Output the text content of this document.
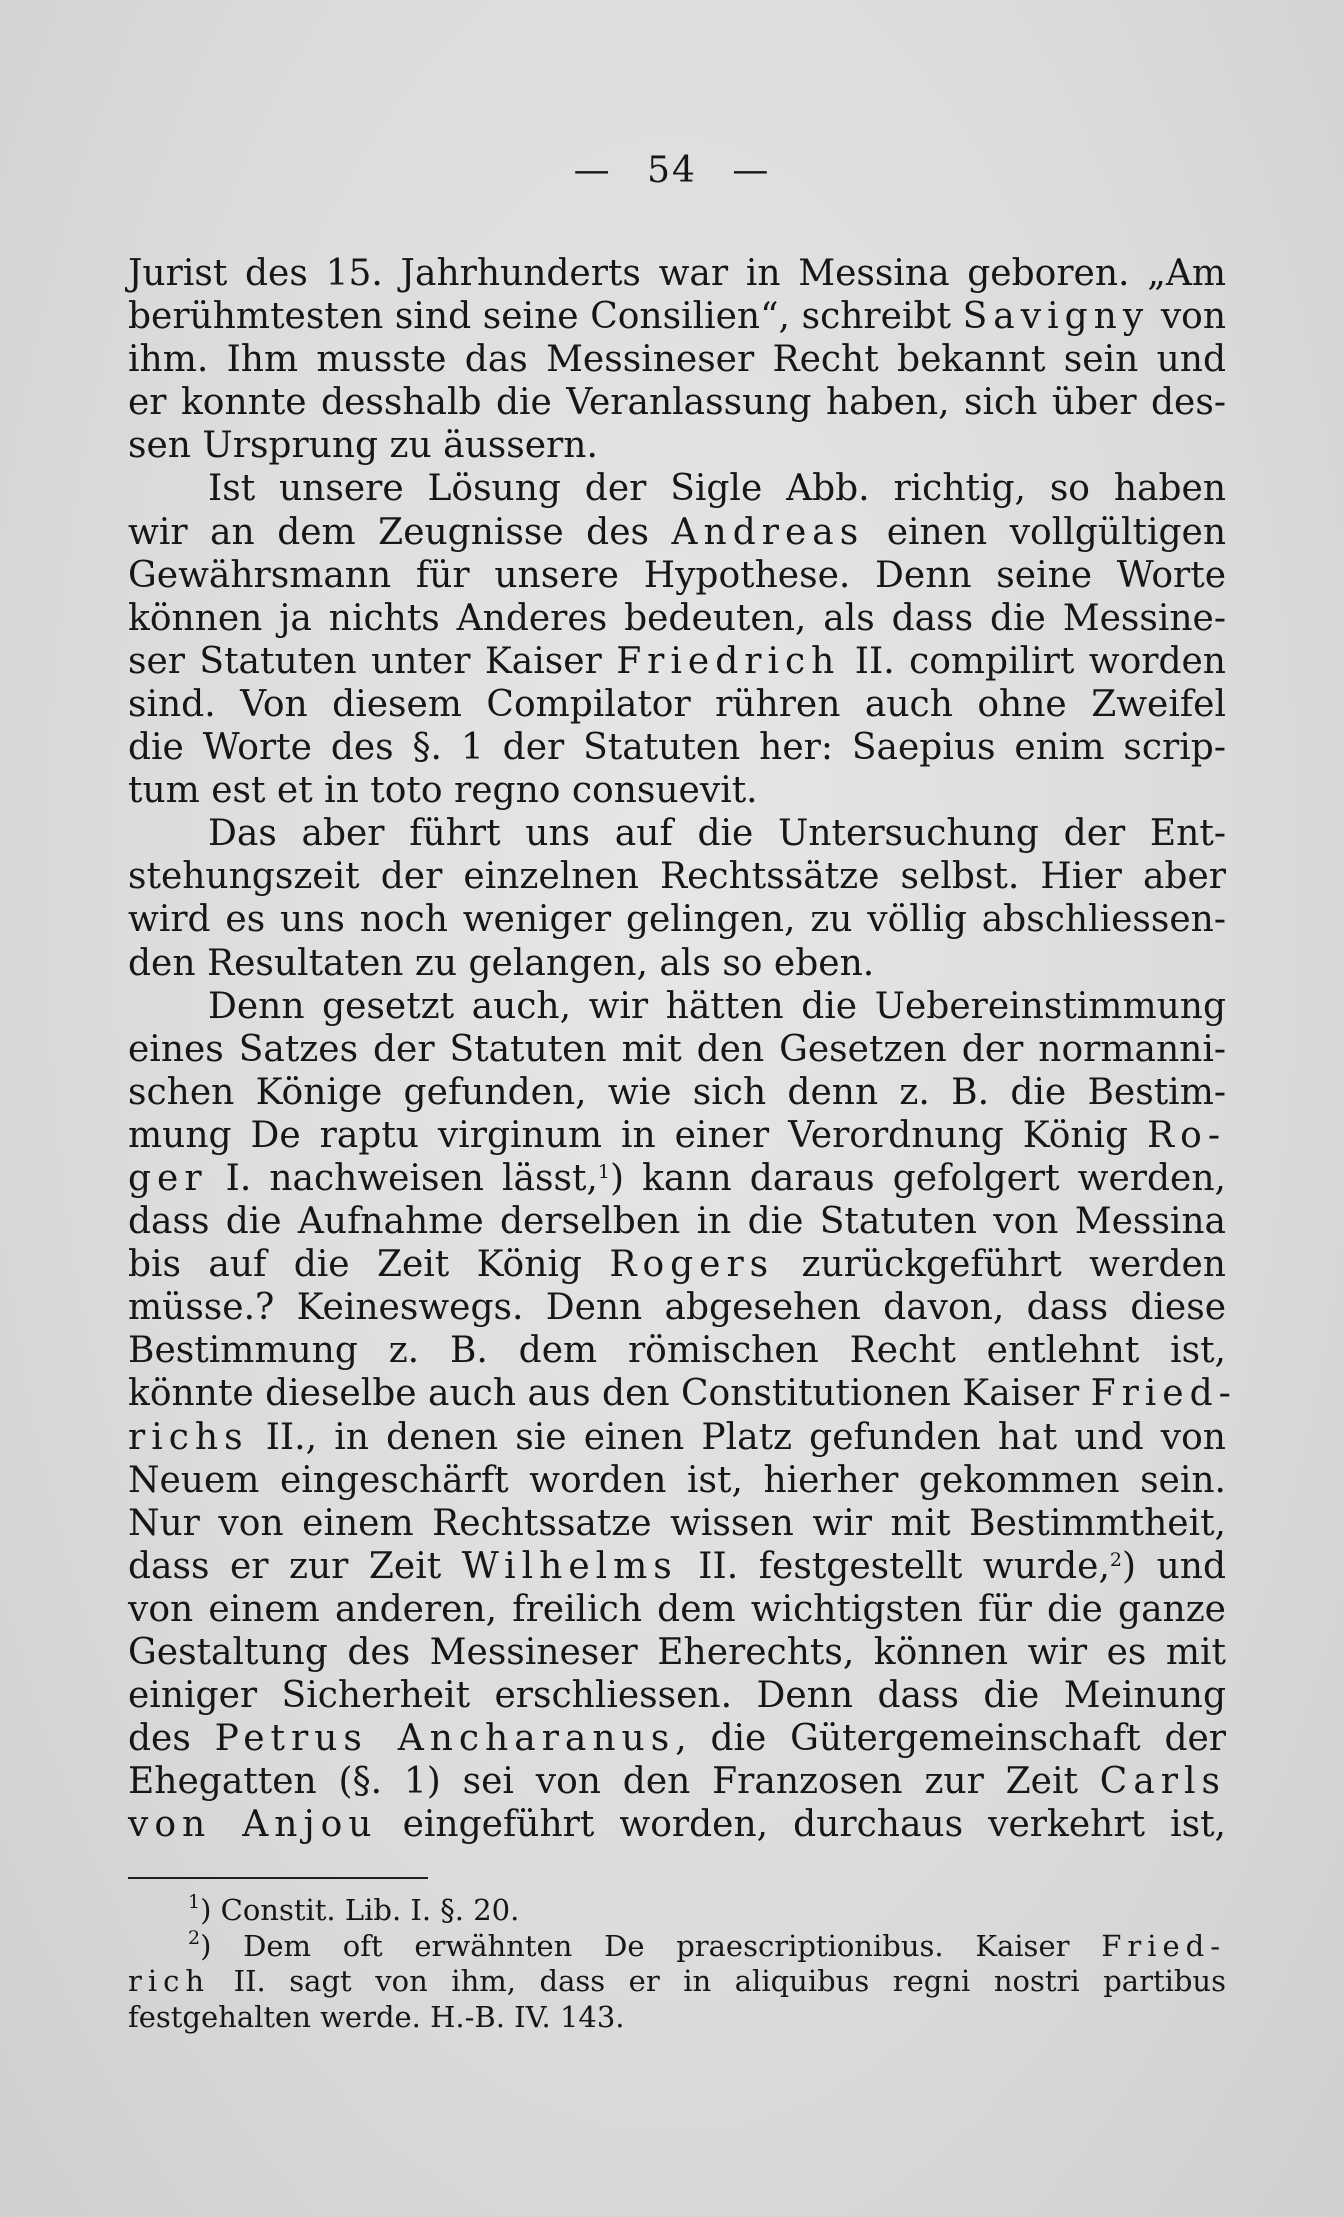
— 54 —
Jurist des 15. Jahrhunderts war in Messina geboren. „Am
berühmtesten sind seine Consilien“, schreibt Savigny von
ihm. Ihm musste das Messineser Recht bekannt sein und
er konnte desshalb die Veranlassung haben, sich über des-
sen Ursprung zu äussern.
Ist unsere Lösung der Sigle Abb. richtig, so haben
wir an dem Zeugnisse des Andreas einen vollgültigen
Gewährsmann für unsere Hypothese. Denn seine Worte
können ja nichts Anderes bedeuten, als dass die Messine-
ser Statuten unter Kaiser Friedrich II. compilirt worden
sind. Von diesem Compilator rühren auch ohne Zweifel
die Worte des §. 1 der Statuten her: Saepius enim scrip-
tum est et in toto regno consuevit.
Das aber führt uns auf die Untersuchung der Ent-
stehungszeit der einzelnen Rechtssätze selbst. Hier aber
wird es uns noch weniger gelingen, zu völlig abschliessen-
den Resultaten zu gelangen, als so eben.
Denn gesetzt auch, wir hätten die Uebereinstimmung
eines Satzes der Statuten mit den Gesetzen der normanni-
schen Könige gefunden, wie sich denn z. B. die Bestim-
mung De raptu virginum in einer Verordnung König Ro-
ger I. nachweisen lässt,$^1$) kann daraus gefolgert werden,
dass die Aufnahme derselben in die Statuten von Messina
bis auf die Zeit König Rogers zurückgeführt werden
müsse.? Keineswegs. Denn abgesehen davon, dass diese
Bestimmung z. B. dem römischen Recht entlehnt ist,
könnte dieselbe auch aus den Constitutionen Kaiser Fried-
richs II., in denen sie einen Platz gefunden hat und von
Neuem eingeschärft worden ist, hierher gekommen sein.
Nur von einem Rechtssatze wissen wir mit Bestimmtheit,
dass er zur Zeit Wilhelms II. festgestellt wurde,$^2$) und
von einem anderen, freilich dem wichtigsten für die ganze
Gestaltung des Messineser Eherechts, können wir es mit
einiger Sicherheit erschliessen. Denn dass die Meinung
des Petrus Ancharanus, die Gütergemeinschaft der
Ehegatten (§. 1) sei von den Franzosen zur Zeit Carls
von Anjou eingeführt worden, durchaus verkehrt ist,
$^1$) Constit. Lib. I. §. 20.
$^2$) Dem oft erwähnten De praescriptionibus. Kaiser Fried-
rich II. sagt von ihm, dass er in aliquibus regni nostri partibus
festgehalten werde. H.-B. IV. 143.
